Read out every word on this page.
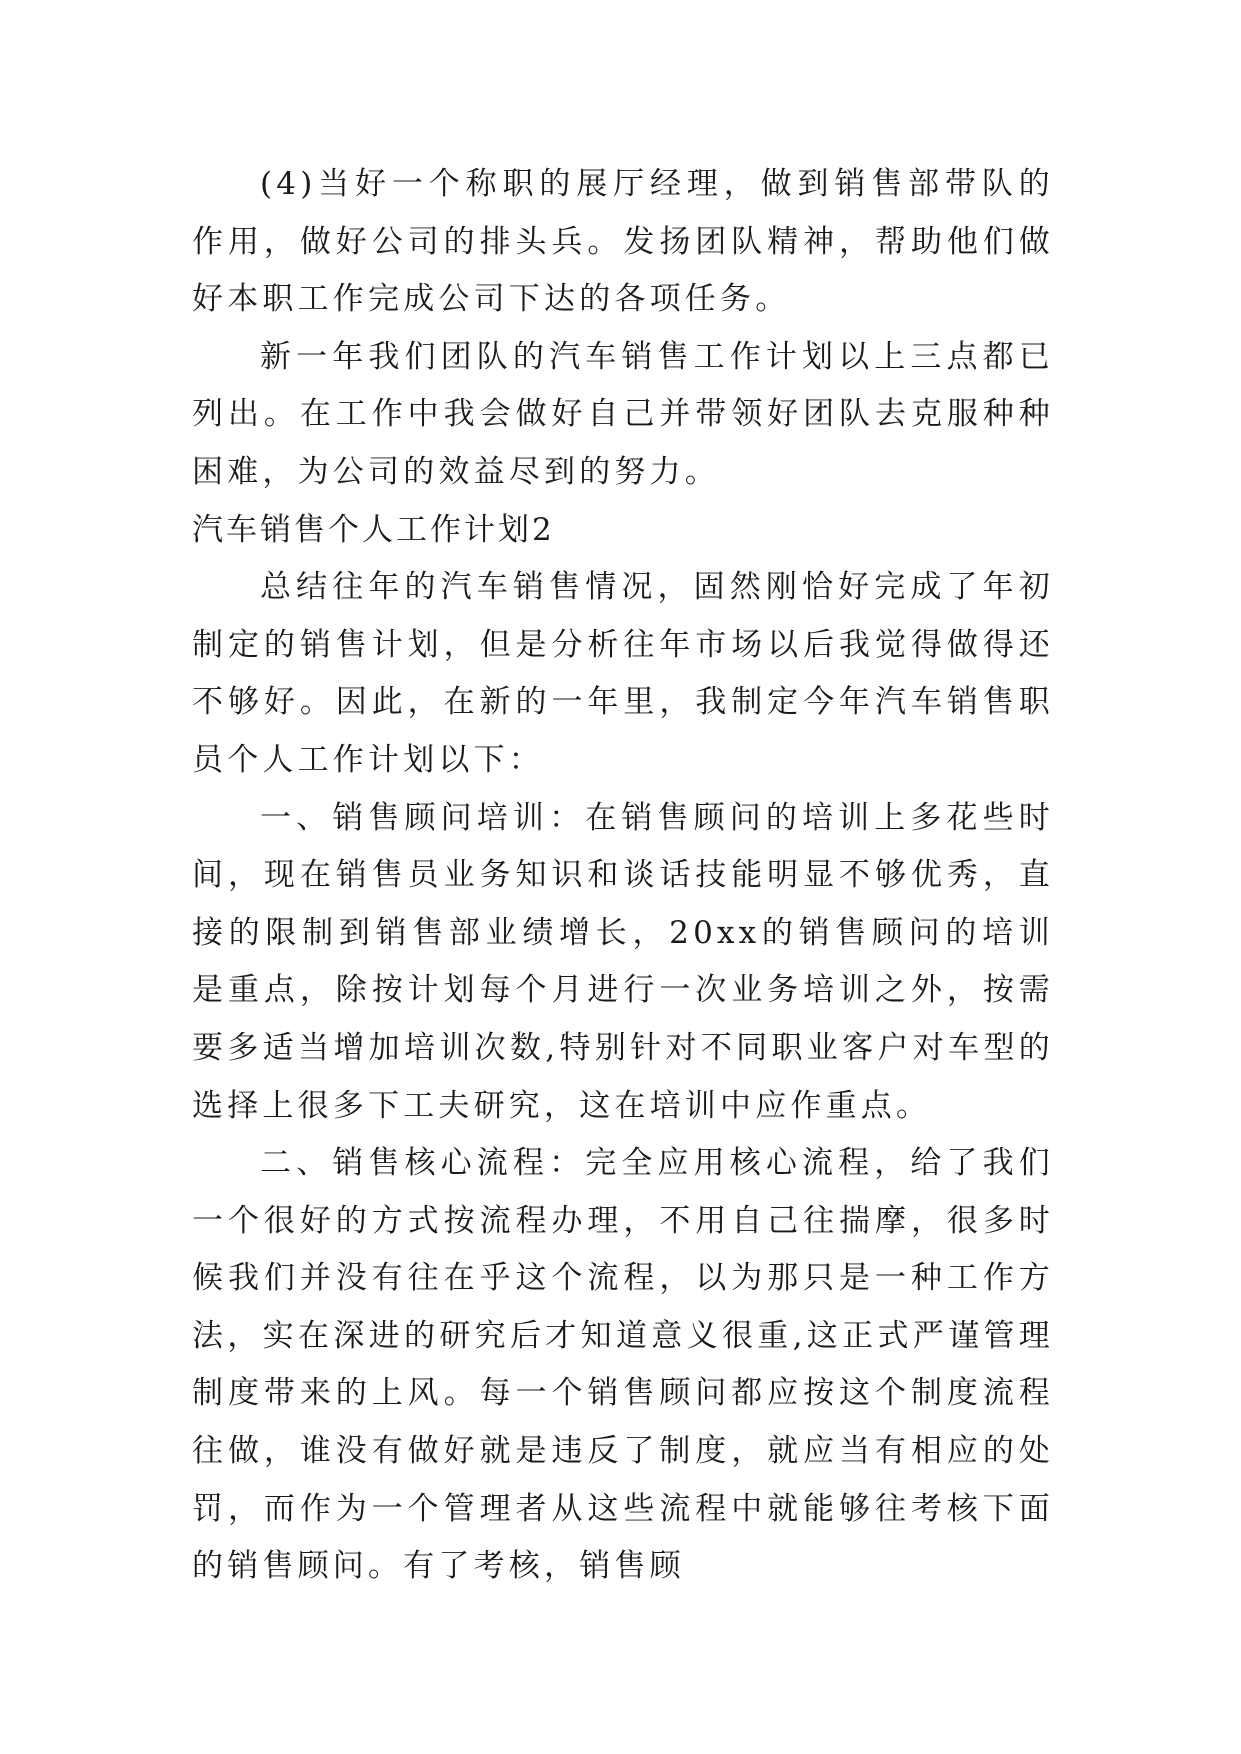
(4)当好一个称职的展厅经理，做到销售部带队的作用，做好公司的排头兵。发扬团队精神，帮助他们做好本职工作完成公司下达的各项任务。

新一年我们团队的汽车销售工作计划以上三点都已列出。在工作中我会做好自己并带领好团队去克服种种困难，为公司的效益尽到的努力。

汽车销售个人工作计划2

总结往年的汽车销售情况，固然刚恰好完成了年初制定的销售计划，但是分析往年市场以后我觉得做得还不够好。因此，在新的一年里，我制定今年汽车销售职员个人工作计划以下：

一、销售顾问培训：在销售顾问的培训上多花些时间，现在销售员业务知识和谈话技能明显不够优秀，直接的限制到销售部业绩增长，20xx的销售顾问的培训是重点，除按计划每个月进行一次业务培训之外，按需要多适当增加培训次数,特别针对不同职业客户对车型的选择上很多下工夫研究，这在培训中应作重点。

二、销售核心流程：完全应用核心流程，给了我们一个很好的方式按流程办理，不用自己往揣摩，很多时候我们并没有往在乎这个流程，以为那只是一种工作方法，实在深进的研究后才知道意义很重,这正式严谨管理制度带来的上风。每一个销售顾问都应按这个制度流程往做，谁没有做好就是违反了制度，就应当有相应的处罚，而作为一个管理者从这些流程中就能够往考核下面的销售顾问。有了考核，销售顾
